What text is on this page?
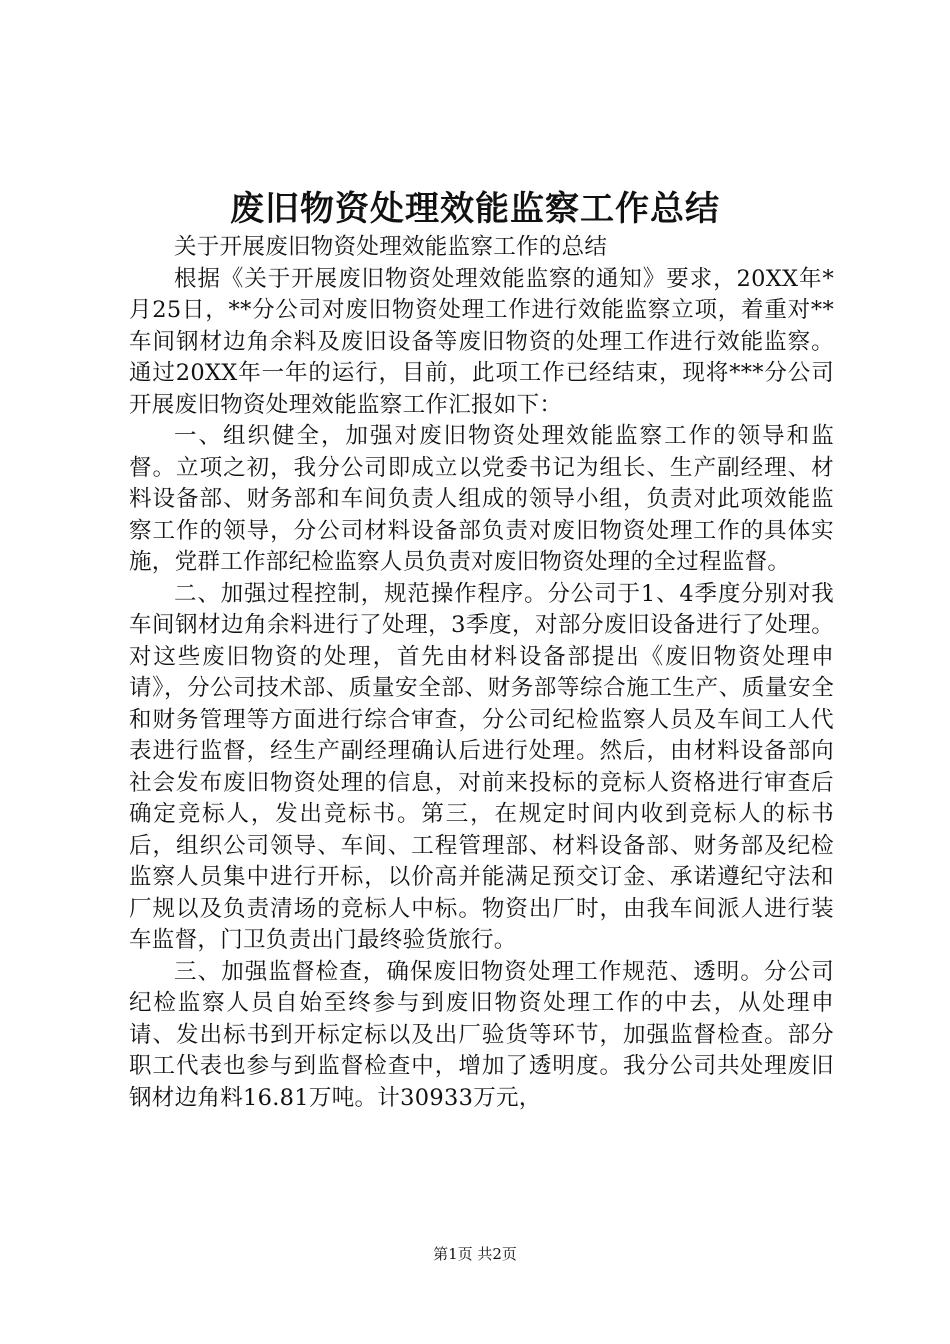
废旧物资处理效能监察工作总结

关于开展废旧物资处理效能监察工作的总结

根据《关于开展废旧物资处理效能监察的通知》要求，20XX年*月25日，**分公司对废旧物资处理工作进行效能监察立项，着重对**车间钢材边角余料及废旧设备等废旧物资的处理工作进行效能监察。通过20XX年一年的运行，目前，此项工作已经结束，现将***分公司开展废旧物资处理效能监察工作汇报如下：

一、组织健全，加强对废旧物资处理效能监察工作的领导和监督。立项之初，我分公司即成立以党委书记为组长、生产副经理、材料设备部、财务部和车间负责人组成的领导小组，负责对此项效能监察工作的领导，分公司材料设备部负责对废旧物资处理工作的具体实施，党群工作部纪检监察人员负责对废旧物资处理的全过程监督。

二、加强过程控制，规范操作程序。分公司于1、4季度分别对我车间钢材边角余料进行了处理，3季度，对部分废旧设备进行了处理。对这些废旧物资的处理，首先由材料设备部提出《废旧物资处理申请》，分公司技术部、质量安全部、财务部等综合施工生产、质量安全和财务管理等方面进行综合审查，分公司纪检监察人员及车间工人代表进行监督，经生产副经理确认后进行处理。然后，由材料设备部向社会发布废旧物资处理的信息，对前来投标的竞标人资格进行审查后确定竞标人，发出竞标书。第三，在规定时间内收到竞标人的标书后，组织公司领导、车间、工程管理部、材料设备部、财务部及纪检监察人员集中进行开标，以价高并能满足预交订金、承诺遵纪守法和厂规以及负责清场的竞标人中标。物资出厂时，由我车间派人进行装车监督，门卫负责出门最终验货旅行。

三、加强监督检查，确保废旧物资处理工作规范、透明。分公司纪检监察人员自始至终参与到废旧物资处理工作的中去，从处理申请、发出标书到开标定标以及出厂验货等环节，加强监督检查。部分职工代表也参与到监督检查中，增加了透明度。我分公司共处理废旧钢材边角料16.81万吨。计30933万元，

第1页 共2页
